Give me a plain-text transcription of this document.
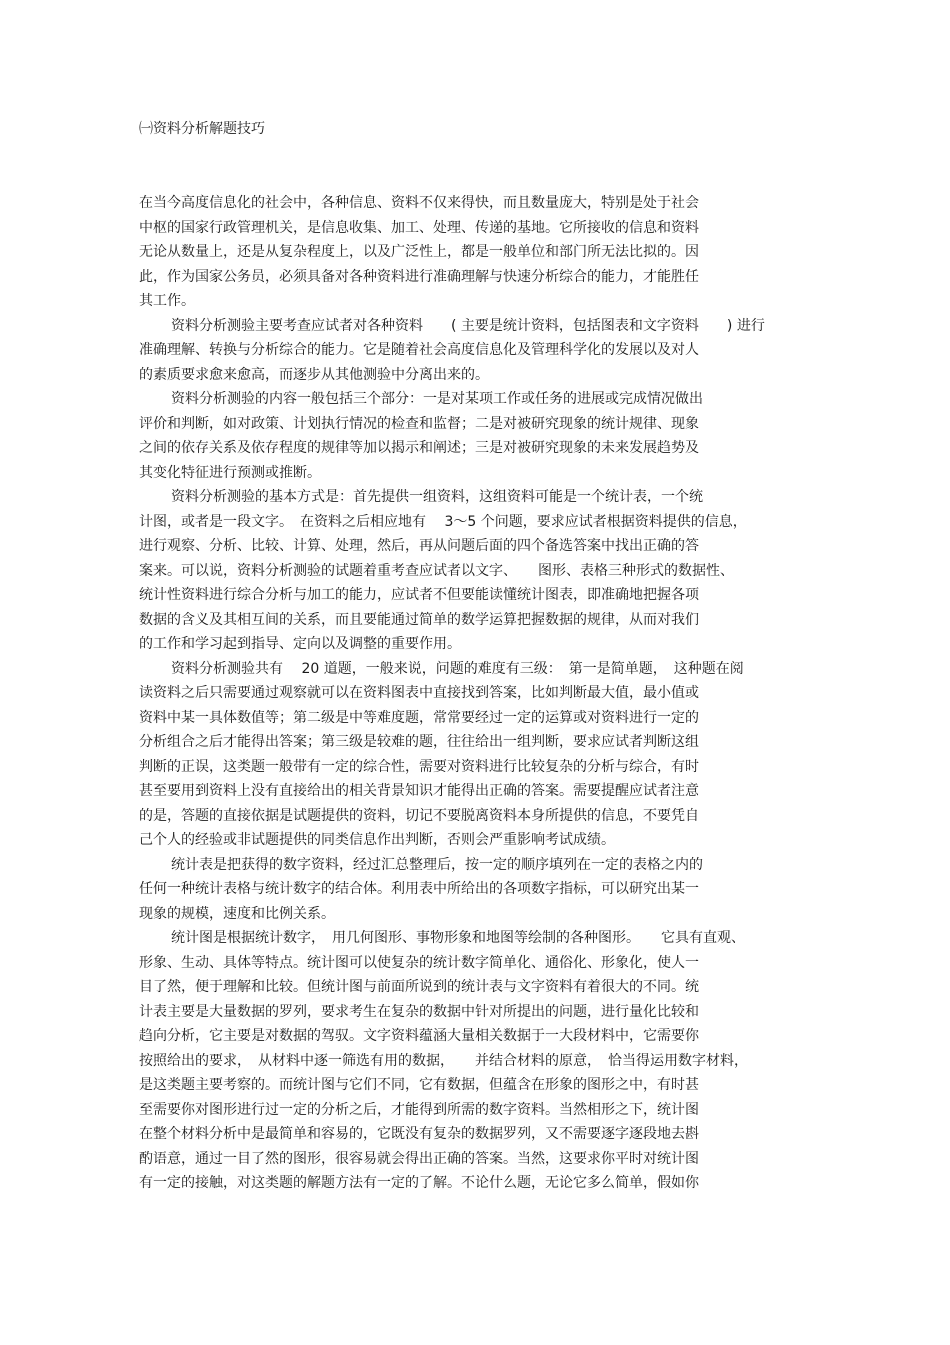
㈠资料分析解题技巧
在当今高度信息化的社会中，各种信息、资料不仅来得快，而且数量庞大，特别是处于社会
中枢的国家行政管理机关，是信息收集、加工、处理、传递的基地。它所接收的信息和资料
无论从数量上，还是从复杂程度上，以及广泛性上，都是一般单位和部门所无法比拟的。因
此，作为国家公务员，必须具备对各种资料进行准确理解与快速分析综合的能力，才能胜任
其工作。
资料分析测验主要考查应试者对各种资料　　( 主要是统计资料，包括图表和文字资料　　) 进行
准确理解、转换与分析综合的能力。它是随着社会高度信息化及管理科学化的发展以及对人
的素质要求愈来愈高，而逐步从其他测验中分离出来的。
资料分析测验的内容一般包括三个部分：一是对某项工作或任务的进展或完成情况做出
评价和判断，如对政策、计划执行情况的检查和监督；二是对被研究现象的统计规律、现象
之间的依存关系及依存程度的规律等加以揭示和阐述；三是对被研究现象的未来发展趋势及
其变化特征进行预测或推断。
资料分析测验的基本方式是：首先提供一组资料，这组资料可能是一个统计表，一个统
计图，或者是一段文字。　在资料之后相应地有　 3～5 个问题，要求应试者根据资料提供的信息，
进行观察、分析、比较、计算、处理，然后，再从问题后面的四个备选答案中找出正确的答
案来。可以说，资料分析测验的试题着重考查应试者以文字、　　图形、表格三种形式的数据性、
统计性资料进行综合分析与加工的能力，应试者不但要能读懂统计图表，即准确地把握各项
数据的含义及其相互间的关系，而且要能通过简单的数学运算把握数据的规律，从而对我们
的工作和学习起到指导、定向以及调整的重要作用。
资料分析测验共有　 20 道题，一般来说，问题的难度有三级：　第一是简单题，　这种题在阅
读资料之后只需要通过观察就可以在资料图表中直接找到答案，比如判断最大值，最小值或
资料中某一具体数值等；第二级是中等难度题，常常要经过一定的运算或对资料进行一定的
分析组合之后才能得出答案；第三级是较难的题，往往给出一组判断，要求应试者判断这组
判断的正误，这类题一般带有一定的综合性，需要对资料进行比较复杂的分析与综合，有时
甚至要用到资料上没有直接给出的相关背景知识才能得出正确的答案。需要提醒应试者注意
的是，答题的直接依据是试题提供的资料，切记不要脱离资料本身所提供的信息，不要凭自
己个人的经验或非试题提供的同类信息作出判断，否则会严重影响考试成绩。
统计表是把获得的数字资料，经过汇总整理后，按一定的顺序填列在一定的表格之内的
任何一种统计表格与统计数字的结合体。利用表中所给出的各项数字指标，可以研究出某一
现象的规模，速度和比例关系。
统计图是根据统计数字，　用几何图形、事物形象和地图等绘制的各种图形。　　它具有直观、
形象、生动、具体等特点。统计图可以使复杂的统计数字简单化、通俗化、形象化，使人一
目了然，便于理解和比较。但统计图与前面所说到的统计表与文字资料有着很大的不同。统
计表主要是大量数据的罗列，要求考生在复杂的数据中针对所提出的问题，进行量化比较和
趋向分析，它主要是对数据的驾驭。文字资料蕴涵大量相关数据于一大段材料中，它需要你
按照给出的要求，　从材料中逐一筛选有用的数据，　　并结合材料的原意，　恰当得运用数字材料，
是这类题主要考察的。而统计图与它们不同，它有数据，但蕴含在形象的图形之中，有时甚
至需要你对图形进行过一定的分析之后，才能得到所需的数字资料。当然相形之下，统计图
在整个材料分析中是最简单和容易的，它既没有复杂的数据罗列，又不需要逐字逐段地去斟
酌语意，通过一目了然的图形，很容易就会得出正确的答案。当然，这要求你平时对统计图
有一定的接触，对这类题的解题方法有一定的了解。不论什么题，无论它多么简单，假如你
